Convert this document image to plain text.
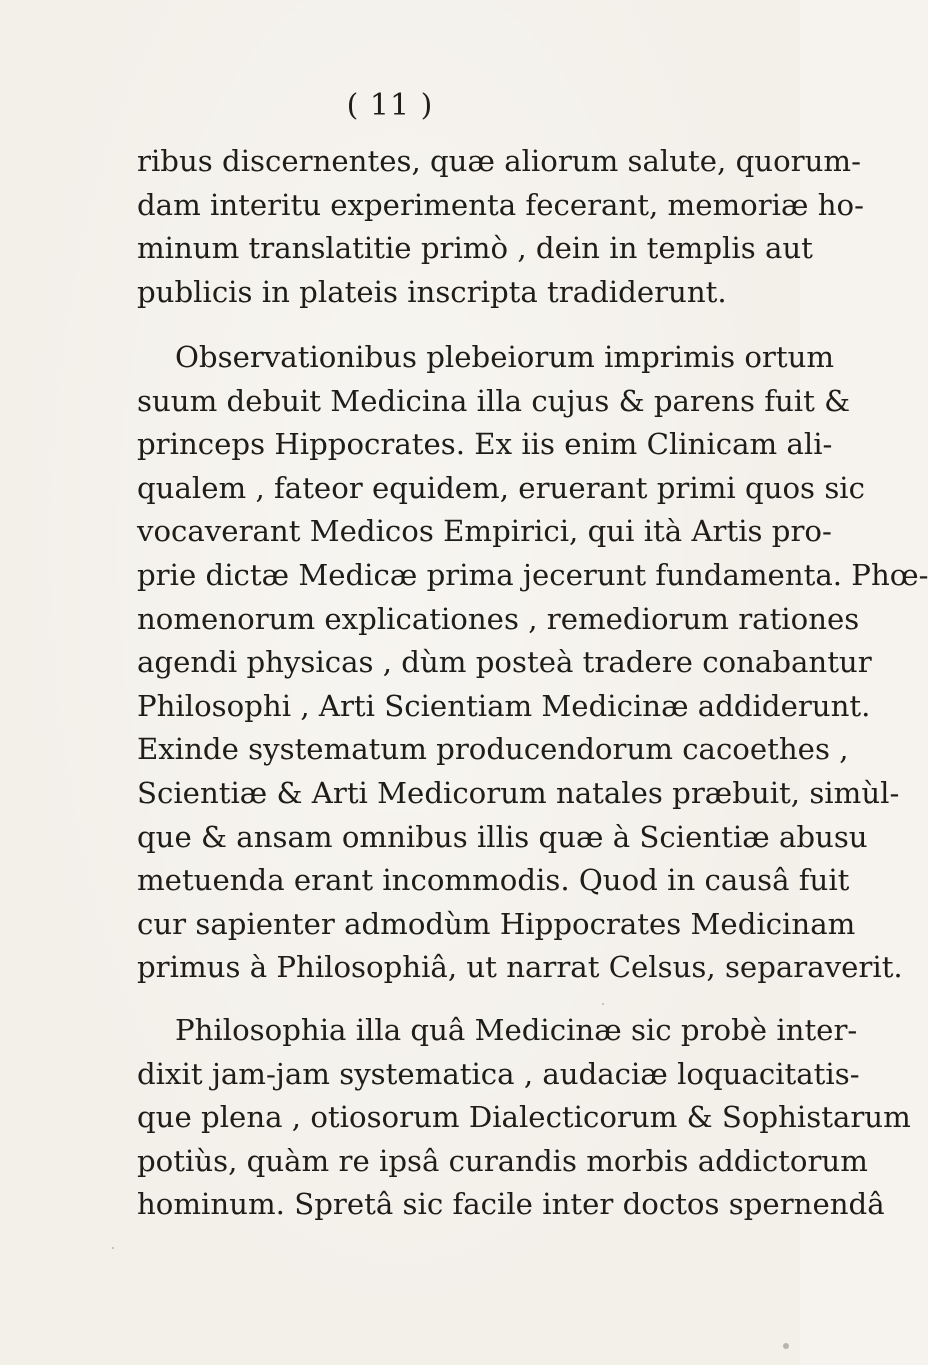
( 11 )
ribus discernentes, quæ aliorum salute, quorum-
dam interitu experimenta fecerant, memoriæ ho-
minum translatitie primò , dein in templis aut
publicis in plateis inscripta tradiderunt.
Observationibus plebeiorum imprimis ortum
suum debuit Medicina illa cujus & parens fuit &
princeps Hippocrates. Ex iis enim Clinicam ali-
qualem , fateor equidem, eruerant primi quos sic
vocaverant Medicos Empirici, qui ità Artis pro-
prie dictæ Medicæ prima jecerunt fundamenta. Phœ-
nomenorum explicationes , remediorum rationes
agendi physicas , dùm posteà tradere conabantur
Philosophi , Arti Scientiam Medicinæ addiderunt.
Exinde systematum producendorum cacoethes ,
Scientiæ & Arti Medicorum natales præbuit, simùl-
que & ansam omnibus illis quæ à Scientiæ abusu
metuenda erant incommodis. Quod in causâ fuit
cur sapienter admodùm Hippocrates Medicinam
primus à Philosophiâ, ut narrat Celsus, separaverit.
Philosophia illa quâ Medicinæ sic probè inter-
dixit jam-jam systematica , audaciæ loquacitatis-
que plena , otiosorum Dialecticorum & Sophistarum
potiùs, quàm re ipsâ curandis morbis addictorum
hominum. Spretâ sic facile inter doctos spernendâ
